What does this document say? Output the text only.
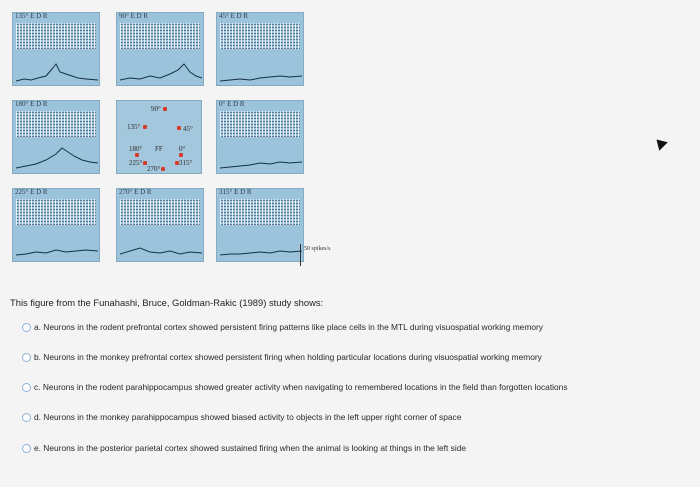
135° E D R	90° E D R	45° E D R
180° E D R
90°
135°	45°
180° FF 0°
225°	315°
270°
0° E D R
225° E D R	270° E D R	315° E D R
50 spikes/s
This figure from the Funahashi, Bruce, Goldman-Rakic (1989) study shows:
a. Neurons in the rodent prefrontal cortex showed persistent firing patterns like place cells in the MTL during visuospatial working memory
b. Neurons in the monkey prefrontal cortex showed persistent firing when holding particular locations during visuospatial working memory
c. Neurons in the rodent parahippocampus showed greater activity when navigating to remembered locations in the field than forgotten locations
d. Neurons in the monkey parahippocampus showed biased activity to objects in the left upper right corner of space
e. Neurons in the posterior parietal cortex showed sustained firing when the animal is looking at things in the left side
